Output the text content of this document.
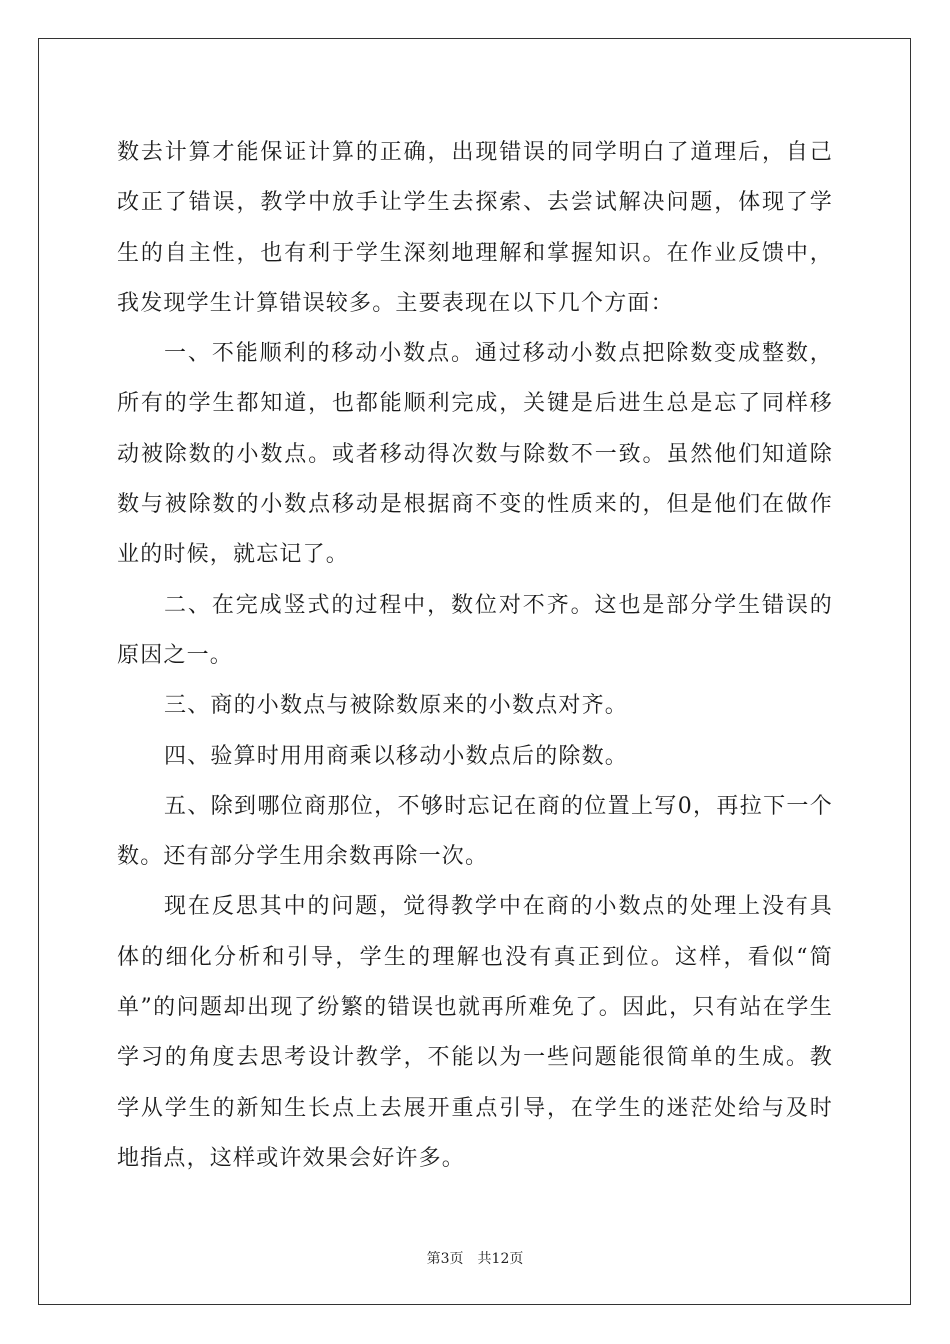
数去计算才能保证计算的正确，出现错误的同学明白了道理后，自己改正了错误，教学中放手让学生去探索、去尝试解决问题，体现了学生的自主性，也有利于学生深刻地理解和掌握知识。在作业反馈中，我发现学生计算错误较多。主要表现在以下几个方面：

一、不能顺利的移动小数点。通过移动小数点把除数变成整数，所有的学生都知道，也都能顺利完成，关键是后进生总是忘了同样移动被除数的小数点。或者移动得次数与除数不一致。虽然他们知道除数与被除数的小数点移动是根据商不变的性质来的，但是他们在做作业的时候，就忘记了。

二、在完成竖式的过程中，数位对不齐。这也是部分学生错误的原因之一。

三、商的小数点与被除数原来的小数点对齐。

四、验算时用用商乘以移动小数点后的除数。

五、除到哪位商那位，不够时忘记在商的位置上写0，再拉下一个数。还有部分学生用余数再除一次。

现在反思其中的问题，觉得教学中在商的小数点的处理上没有具体的细化分析和引导，学生的理解也没有真正到位。这样，看似“简单”的问题却出现了纷繁的错误也就再所难免了。因此，只有站在学生学习的角度去思考设计教学，不能以为一些问题能很简单的生成。教学从学生的新知生长点上去展开重点引导，在学生的迷茫处给与及时地指点，这样或许效果会好许多。

第3页 共12页
